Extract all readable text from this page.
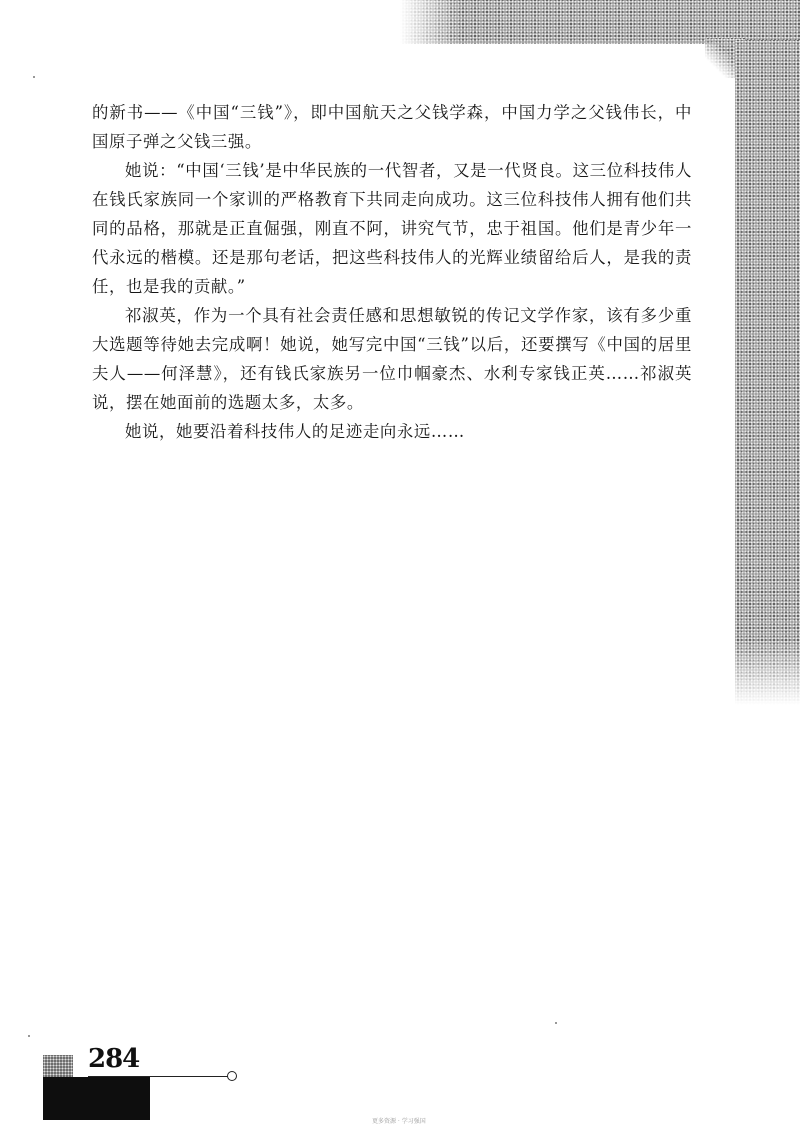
的新书——《中国“三钱”》，即中国航天之父钱学森，中国力学之父钱伟长，中国原子弹之父钱三强。

她说：“中国‘三钱’是中华民族的一代智者，又是一代贤良。这三位科技伟人在钱氏家族同一个家训的严格教育下共同走向成功。这三位科技伟人拥有他们共同的品格，那就是正直倔强，刚直不阿，讲究气节，忠于祖国。他们是青少年一代永远的楷模。还是那句老话，把这些科技伟人的光辉业绩留给后人，是我的责任，也是我的贡献。”

祁淑英，作为一个具有社会责任感和思想敏锐的传记文学作家，该有多少重大选题等待她去完成啊！她说，她写完中国“三钱”以后，还要撰写《中国的居里夫人——何泽慧》，还有钱氏家族另一位巾帼豪杰、水利专家钱正英……祁淑英说，摆在她面前的选题太多，太多。

她说，她要沿着科技伟人的足迹走向永远……

284
更多资源 · 学习强国
